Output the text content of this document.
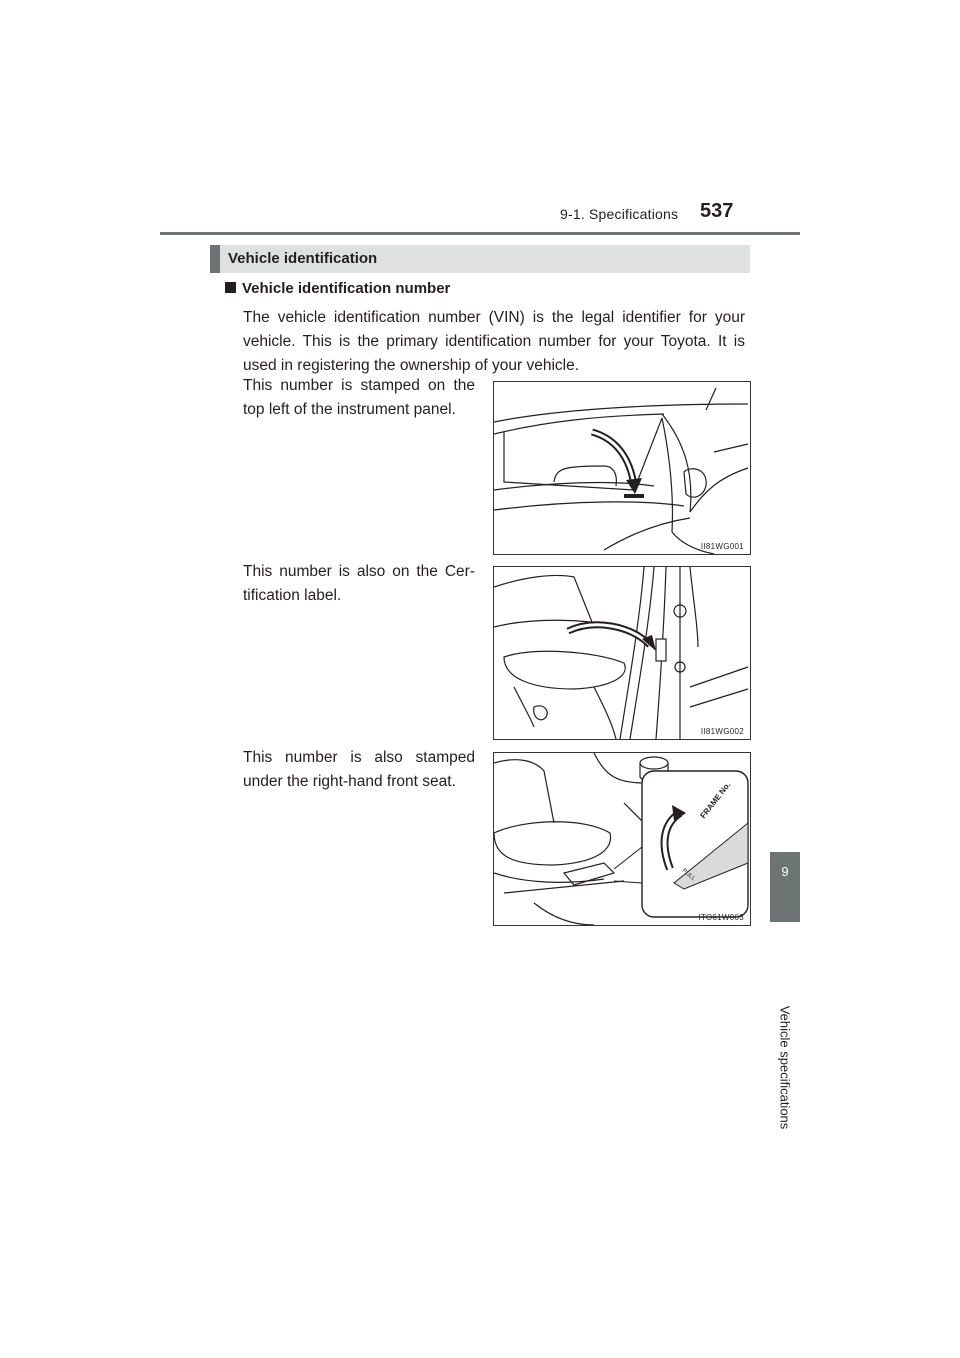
9-1. Specifications 537
9
Vehicle specifications
Vehicle identification
Vehicle identification number
The vehicle identification number (VIN) is the legal identifier for your vehicle. This is the primary identification number for your Toyota. It is used in registering the ownership of your vehicle.
This number is stamped on the top left of the instrument panel.
This number is also on the Cer-tification label.
This number is also stamped under the right-hand front seat.
II81WG001
II81WG002
FRAME No.
PULL
ITO61W003
